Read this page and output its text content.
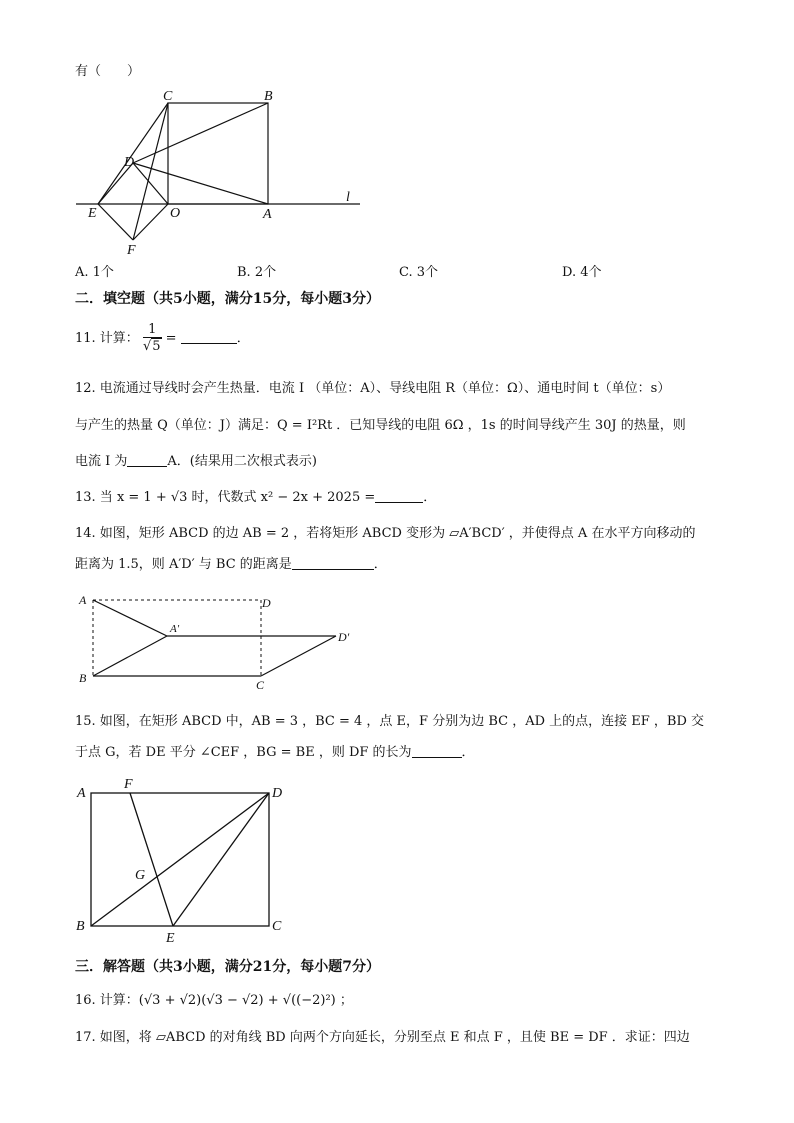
有（　　）
C	B
D
E	O	A
F
l
A. 1个	B. 2个	C. 3个	D. 4个
二．填空题（共5小题，满分15分，每小题3分）
11. 计算： $\frac{1}{√5}$ =	．
12. 电流通过导线时会产生热量．电流 I （单位：A）、导线电阻 R（单位：Ω）、通电时间 t（单位：s）
与产生的热量 Q（单位：J）满足：Q = I²Rt ．已知导线的电阻 6Ω ，1s 的时间导线产生 30J 的热量，则
电流 I 为	A．(结果用二次根式表示)
13. 当 x = 1 + √3 时，代数式 x² − 2x + 2025 =	．
14. 如图，矩形 ABCD 的边 AB = 2 ，若将矩形 ABCD 变形为 ▱A′BCD′ ，并使得点 A 在水平方向移动的
距离为 1.5，则 A′D′ 与 BC 的距离是	．
A	D
A′
D′
B	C
15. 如图，在矩形 ABCD 中，AB = 3 ，BC = 4 ，点 E，F 分别为边 BC ，AD 上的点，连接 EF ，BD 交
于点 G，若 DE 平分 ∠CEF ，BG = BE ，则 DF 的长为	．
A
F
D
G
B
E
C
三．解答题（共3小题，满分21分，每小题7分）
16. 计算：(√3 + √2)(√3 − √2) + √((−2)²) ；
17. 如图，将 ▱ABCD 的对角线 BD 向两个方向延长，分别至点 E 和点 F ，且使 BE = DF ．求证：四边
